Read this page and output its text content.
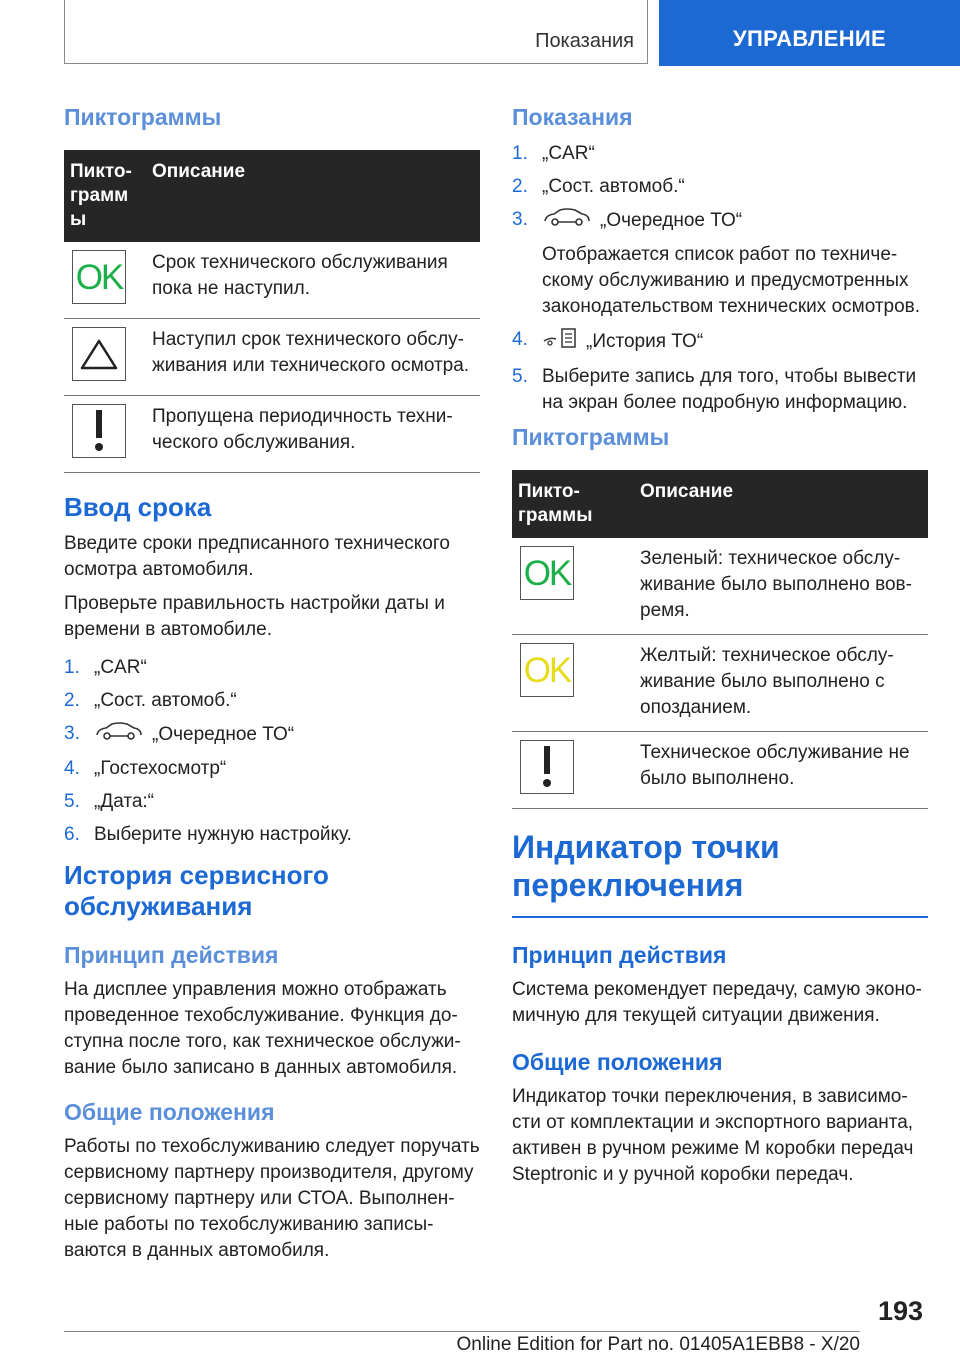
Показания	УПРАВЛЕНИЕ
Пиктограммы
Пикто-
грамм
ы	Описание

OK	Срок технического обслуживания пока не наступил.

	Наступил срок технического обслу-живания или технического осмотра.

	Пропущена периодичность техни-ческого обслуживания.
Ввод срока

Введите сроки предписанного технического осмотра автомобиля.

Проверьте правильность настройки даты и времени в автомобиле.

1. „CAR“
2. „Сост. автомоб.“
3.	„Очередное ТО“
4. „Гостехосмотр“
5. „Дата:“
6. Выберите нужную настройку.
История сервисного обслуживания
Принцип действия

На дисплее управления можно отображать проведенное техобслуживание. Функция до-ступна после того, как техническое обслужи-вание было записано в данных автомобиля.

Общие положения

Работы по техобслуживанию следует поручать сервисному партнеру производителя, другому сервисному партнеру или СТОА. Выполнен-ные работы по техобслуживанию записы-ваются в данных автомобиля.

Показания
1. „CAR“
2. „Сост. автомоб.“
3.	„Очередное ТО“
Отображается список работ по техниче-скому обслуживанию и предусмотренных законодательством технических осмотров.
4.	„История ТО“
5. Выберите запись для того, чтобы вывести на экран более подробную информацию.
Пиктограммы
Пикто-
граммы	Описание

OK	Зеленый: техническое обслу-живание было выполнено вов-ремя.

OK	Желтый: техническое обслу-живание было выполнено с опозданием.

	Техническое обслуживание не было выполнено.
Индикатор точки переключения
Принцип действия

Система рекомендует передачу, самую эконо-мичную для текущей ситуации движения.

Общие положения

Индикатор точки переключения, в зависимо-сти от комплектации и экспортного варианта, активен в ручном режиме M коробки передач Steptronic и у ручной коробки передач.

193
Online Edition for Part no. 01405A1EBB8 - X/20
